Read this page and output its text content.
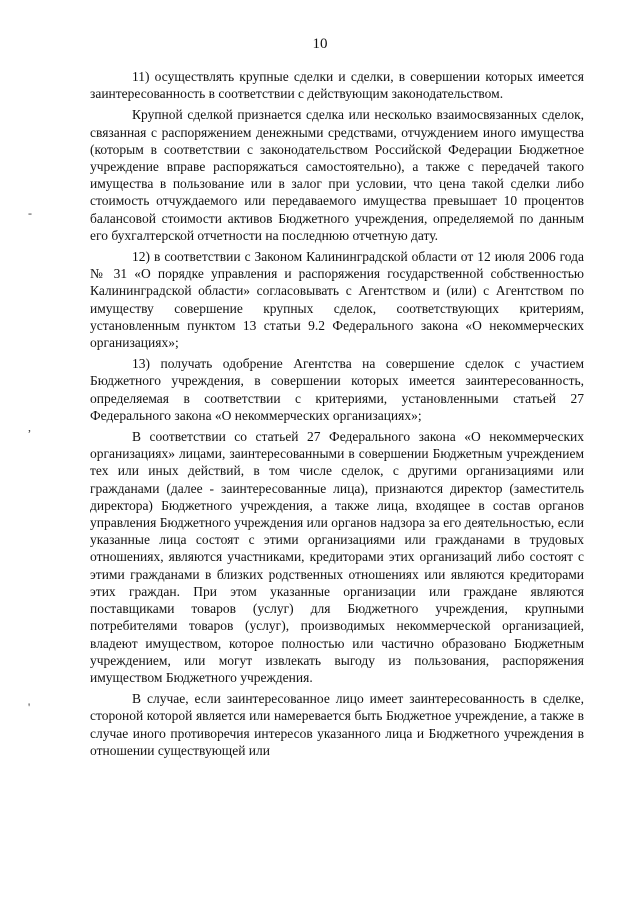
10
-
,
'

11) осуществлять крупные сделки и сделки, в совершении которых имеется заинтересованность в соответствии с действующим законодательством.

Крупной сделкой признается сделка или несколько взаимосвязанных сделок, связанная с распоряжением денежными средствами, отчуждением иного имущества (которым в соответствии с законодательством Российской Федерации Бюджетное учреждение вправе распоряжаться самостоятельно), а также с передачей такого имущества в пользование или в залог при условии, что цена такой сделки либо стоимость отчуждаемого или передаваемого имущества превышает 10 процентов балансовой стоимости активов Бюджетного учреждения, определяемой по данным его бухгалтерской отчетности на последнюю отчетную дату.

12) в соответствии с Законом Калининградской области от 12 июля 2006 года № 31 «О порядке управления и распоряжения государственной собственностью Калининградской области» согласовывать с Агентством и (или) с Агентством по имуществу совершение крупных сделок, соответствующих критериям, установленным пунктом 13 статьи 9.2 Федерального закона «О некоммерческих организациях»;

13) получать одобрение Агентства на совершение сделок с участием Бюджетного учреждения, в совершении которых имеется заинтересованность, определяемая в соответствии с критериями, установленными статьей 27 Федерального закона «О некоммерческих организациях»;

В соответствии со статьей 27 Федерального закона «О некоммерческих организациях» лицами, заинтересованными в совершении Бюджетным учреждением тех или иных действий, в том числе сделок, с другими организациями или гражданами (далее - заинтересованные лица), признаются директор (заместитель директора) Бюджетного учреждения, а также лица, входящее в состав органов управления Бюджетного учреждения или органов надзора за его деятельностью, если указанные лица состоят с этими организациями или гражданами в трудовых отношениях, являются участниками, кредиторами этих организаций либо состоят с этими гражданами в близких родственных отношениях или являются кредиторами этих граждан. При этом указанные организации или граждане являются поставщиками товаров (услуг) для Бюджетного учреждения, крупными потребителями товаров (услуг), производимых некоммерческой организацией, владеют имуществом, которое полностью или частично образовано Бюджетным учреждением, или могут извлекать выгоду из пользования, распоряжения имуществом Бюджетного учреждения.

В случае, если заинтересованное лицо имеет заинтересованность в сделке, стороной которой является или намеревается быть Бюджетное учреждение, а также в случае иного противоречия интересов указанного лица и Бюджетного учреждения в отношении существующей или
